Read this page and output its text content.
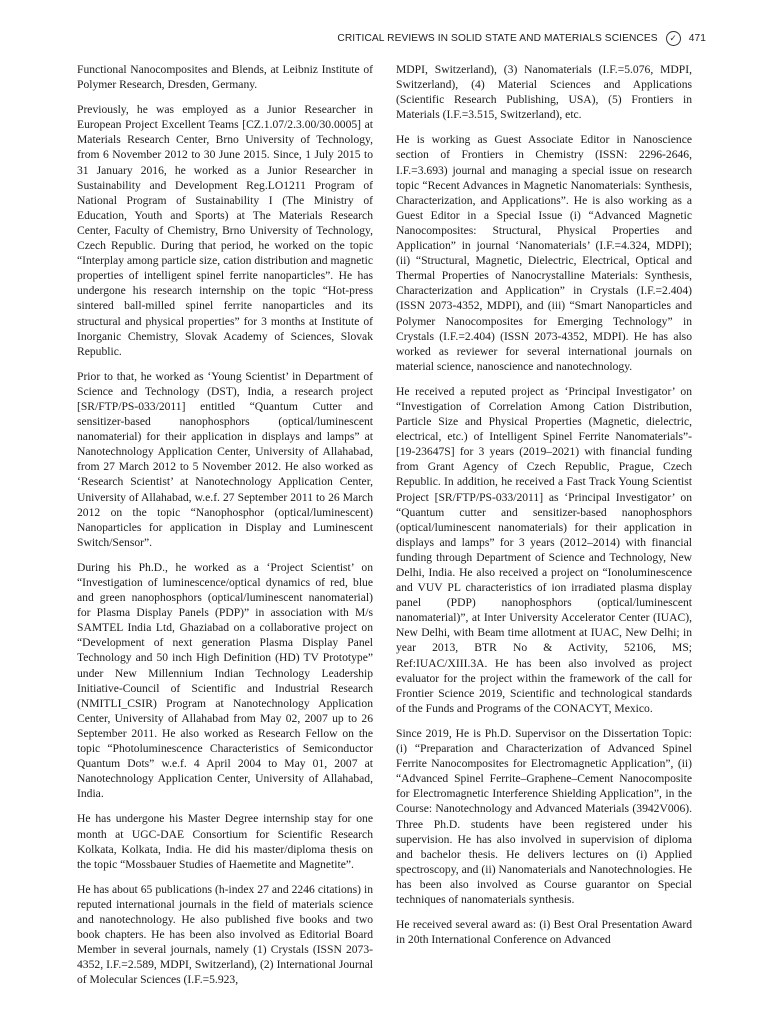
CRITICAL REVIEWS IN SOLID STATE AND MATERIALS SCIENCES	✓	471

Functional Nanocomposites and Blends, at Leibniz Institute of Polymer Research, Dresden, Germany.

Previously, he was employed as a Junior Researcher in European Project Excellent Teams [CZ.1.07/2.3.00/30.0005] at Materials Research Center, Brno University of Technology, from 6 November 2012 to 30 June 2015. Since, 1 July 2015 to 31 January 2016, he worked as a Junior Researcher in Sustainability and Development Reg.LO1211 Program of National Program of Sustainability I (The Ministry of Education, Youth and Sports) at The Materials Research Center, Faculty of Chemistry, Brno University of Technology, Czech Republic. During that period, he worked on the topic “Interplay among particle size, cation distribution and magnetic properties of intelligent spinel ferrite nanoparticles”. He has undergone his research internship on the topic “Hot-press sintered ball-milled spinel ferrite nanoparticles and its structural and physical properties” for 3 months at Institute of Inorganic Chemistry, Slovak Academy of Sciences, Slovak Republic.

Prior to that, he worked as ‘Young Scientist’ in Department of Science and Technology (DST), India, a research project [SR/FTP/PS-033/2011] entitled “Quantum Cutter and sensitizer-based nanophosphors (optical/luminescent nanomaterial) for their application in displays and lamps” at Nanotechnology Application Center, University of Allahabad, from 27 March 2012 to 5 November 2012. He also worked as ‘Research Scientist’ at Nanotechnology Application Center, University of Allahabad, w.e.f. 27 September 2011 to 26 March 2012 on the topic “Nanophosphor (optical/luminescent) Nanoparticles for application in Display and Luminescent Switch/Sensor”.

During his Ph.D., he worked as a ‘Project Scientist’ on “Investigation of luminescence/optical dynamics of red, blue and green nanophosphors (optical/luminescent nanomaterial) for Plasma Display Panels (PDP)” in association with M/s SAMTEL India Ltd, Ghaziabad on a collaborative project on “Development of next generation Plasma Display Panel Technology and 50 inch High Definition (HD) TV Prototype” under New Millennium Indian Technology Leadership Initiative-Council of Scientific and Industrial Research (NMITLI_CSIR) Program at Nanotechnology Application Center, University of Allahabad from May 02, 2007 up to 26 September 2011. He also worked as Research Fellow on the topic “Photoluminescence Characteristics of Semiconductor Quantum Dots” w.e.f. 4 April 2004 to May 01, 2007 at Nanotechnology Application Center, University of Allahabad, India.

He has undergone his Master Degree internship stay for one month at UGC-DAE Consortium for Scientific Research Kolkata, Kolkata, India. He did his master/diploma thesis on the topic “Mossbauer Studies of Haemetite and Magnetite”.

He has about 65 publications (h-index 27 and 2246 citations) in reputed international journals in the field of materials science and nanotechnology. He also published five books and two book chapters. He has been also involved as Editorial Board Member in several journals, namely (1) Crystals (ISSN 2073-4352, I.F.=2.589, MDPI, Switzerland), (2) International Journal of Molecular Sciences (I.F.=5.923,

MDPI, Switzerland), (3) Nanomaterials (I.F.=5.076, MDPI, Switzerland), (4) Material Sciences and Applications (Scientific Research Publishing, USA), (5) Frontiers in Materials (I.F.=3.515, Switzerland), etc.

He is working as Guest Associate Editor in Nanoscience section of Frontiers in Chemistry (ISSN: 2296-2646, I.F.=3.693) journal and managing a special issue on research topic “Recent Advances in Magnetic Nanomaterials: Synthesis, Characterization, and Applications”. He is also working as a Guest Editor in a Special Issue (i) “Advanced Magnetic Nanocomposites: Structural, Physical Properties and Application” in journal ‘Nanomaterials’ (I.F.=4.324, MDPI); (ii) “Structural, Magnetic, Dielectric, Electrical, Optical and Thermal Properties of Nanocrystalline Materials: Synthesis, Characterization and Application” in Crystals (I.F.=2.404) (ISSN 2073-4352, MDPI), and (iii) “Smart Nanoparticles and Polymer Nanocomposites for Emerging Technology” in Crystals (I.F.=2.404) (ISSN 2073-4352, MDPI). He has also worked as reviewer for several international journals on material science, nanoscience and nanotechnology.

He received a reputed project as ‘Principal Investigator’ on “Investigation of Correlation Among Cation Distribution, Particle Size and Physical Properties (Magnetic, dielectric, electrical, etc.) of Intelligent Spinel Ferrite Nanomaterials”-[19-23647S] for 3 years (2019–2021) with financial funding from Grant Agency of Czech Republic, Prague, Czech Republic. In addition, he received a Fast Track Young Scientist Project [SR/FTP/PS-033/2011] as ‘Principal Investigator’ on “Quantum cutter and sensitizer-based nanophosphors (optical/luminescent nanomaterials) for their application in displays and lamps” for 3 years (2012–2014) with financial funding through Department of Science and Technology, New Delhi, India. He also received a project on “Ionoluminescence and VUV PL characteristics of ion irradiated plasma display panel (PDP) nanophosphors (optical/luminescent nanomaterial)”, at Inter University Accelerator Center (IUAC), New Delhi, with Beam time allotment at IUAC, New Delhi; in year 2013, BTR No & Activity, 52106, MS; Ref:IUAC/XIII.3A. He has been also involved as project evaluator for the project within the framework of the call for Frontier Science 2019, Scientific and technological standards of the Funds and Programs of the CONACYT, Mexico.

Since 2019, He is Ph.D. Supervisor on the Dissertation Topic: (i) “Preparation and Characterization of Advanced Spinel Ferrite Nanocomposites for Electromagnetic Application”, (ii) “Advanced Spinel Ferrite–Graphene–Cement Nanocomposite for Electromagnetic Interference Shielding Application”, in the Course: Nanotechnology and Advanced Materials (3942V006). Three Ph.D. students have been registered under his supervision. He has also involved in supervision of diploma and bachelor thesis. He delivers lectures on (i) Applied spectroscopy, and (ii) Nanomaterials and Nanotechnologies. He has been also involved as Course guarantor on Special techniques of nanomaterials synthesis.

He received several award as: (i) Best Oral Presentation Award in 20th International Conference on Advanced
